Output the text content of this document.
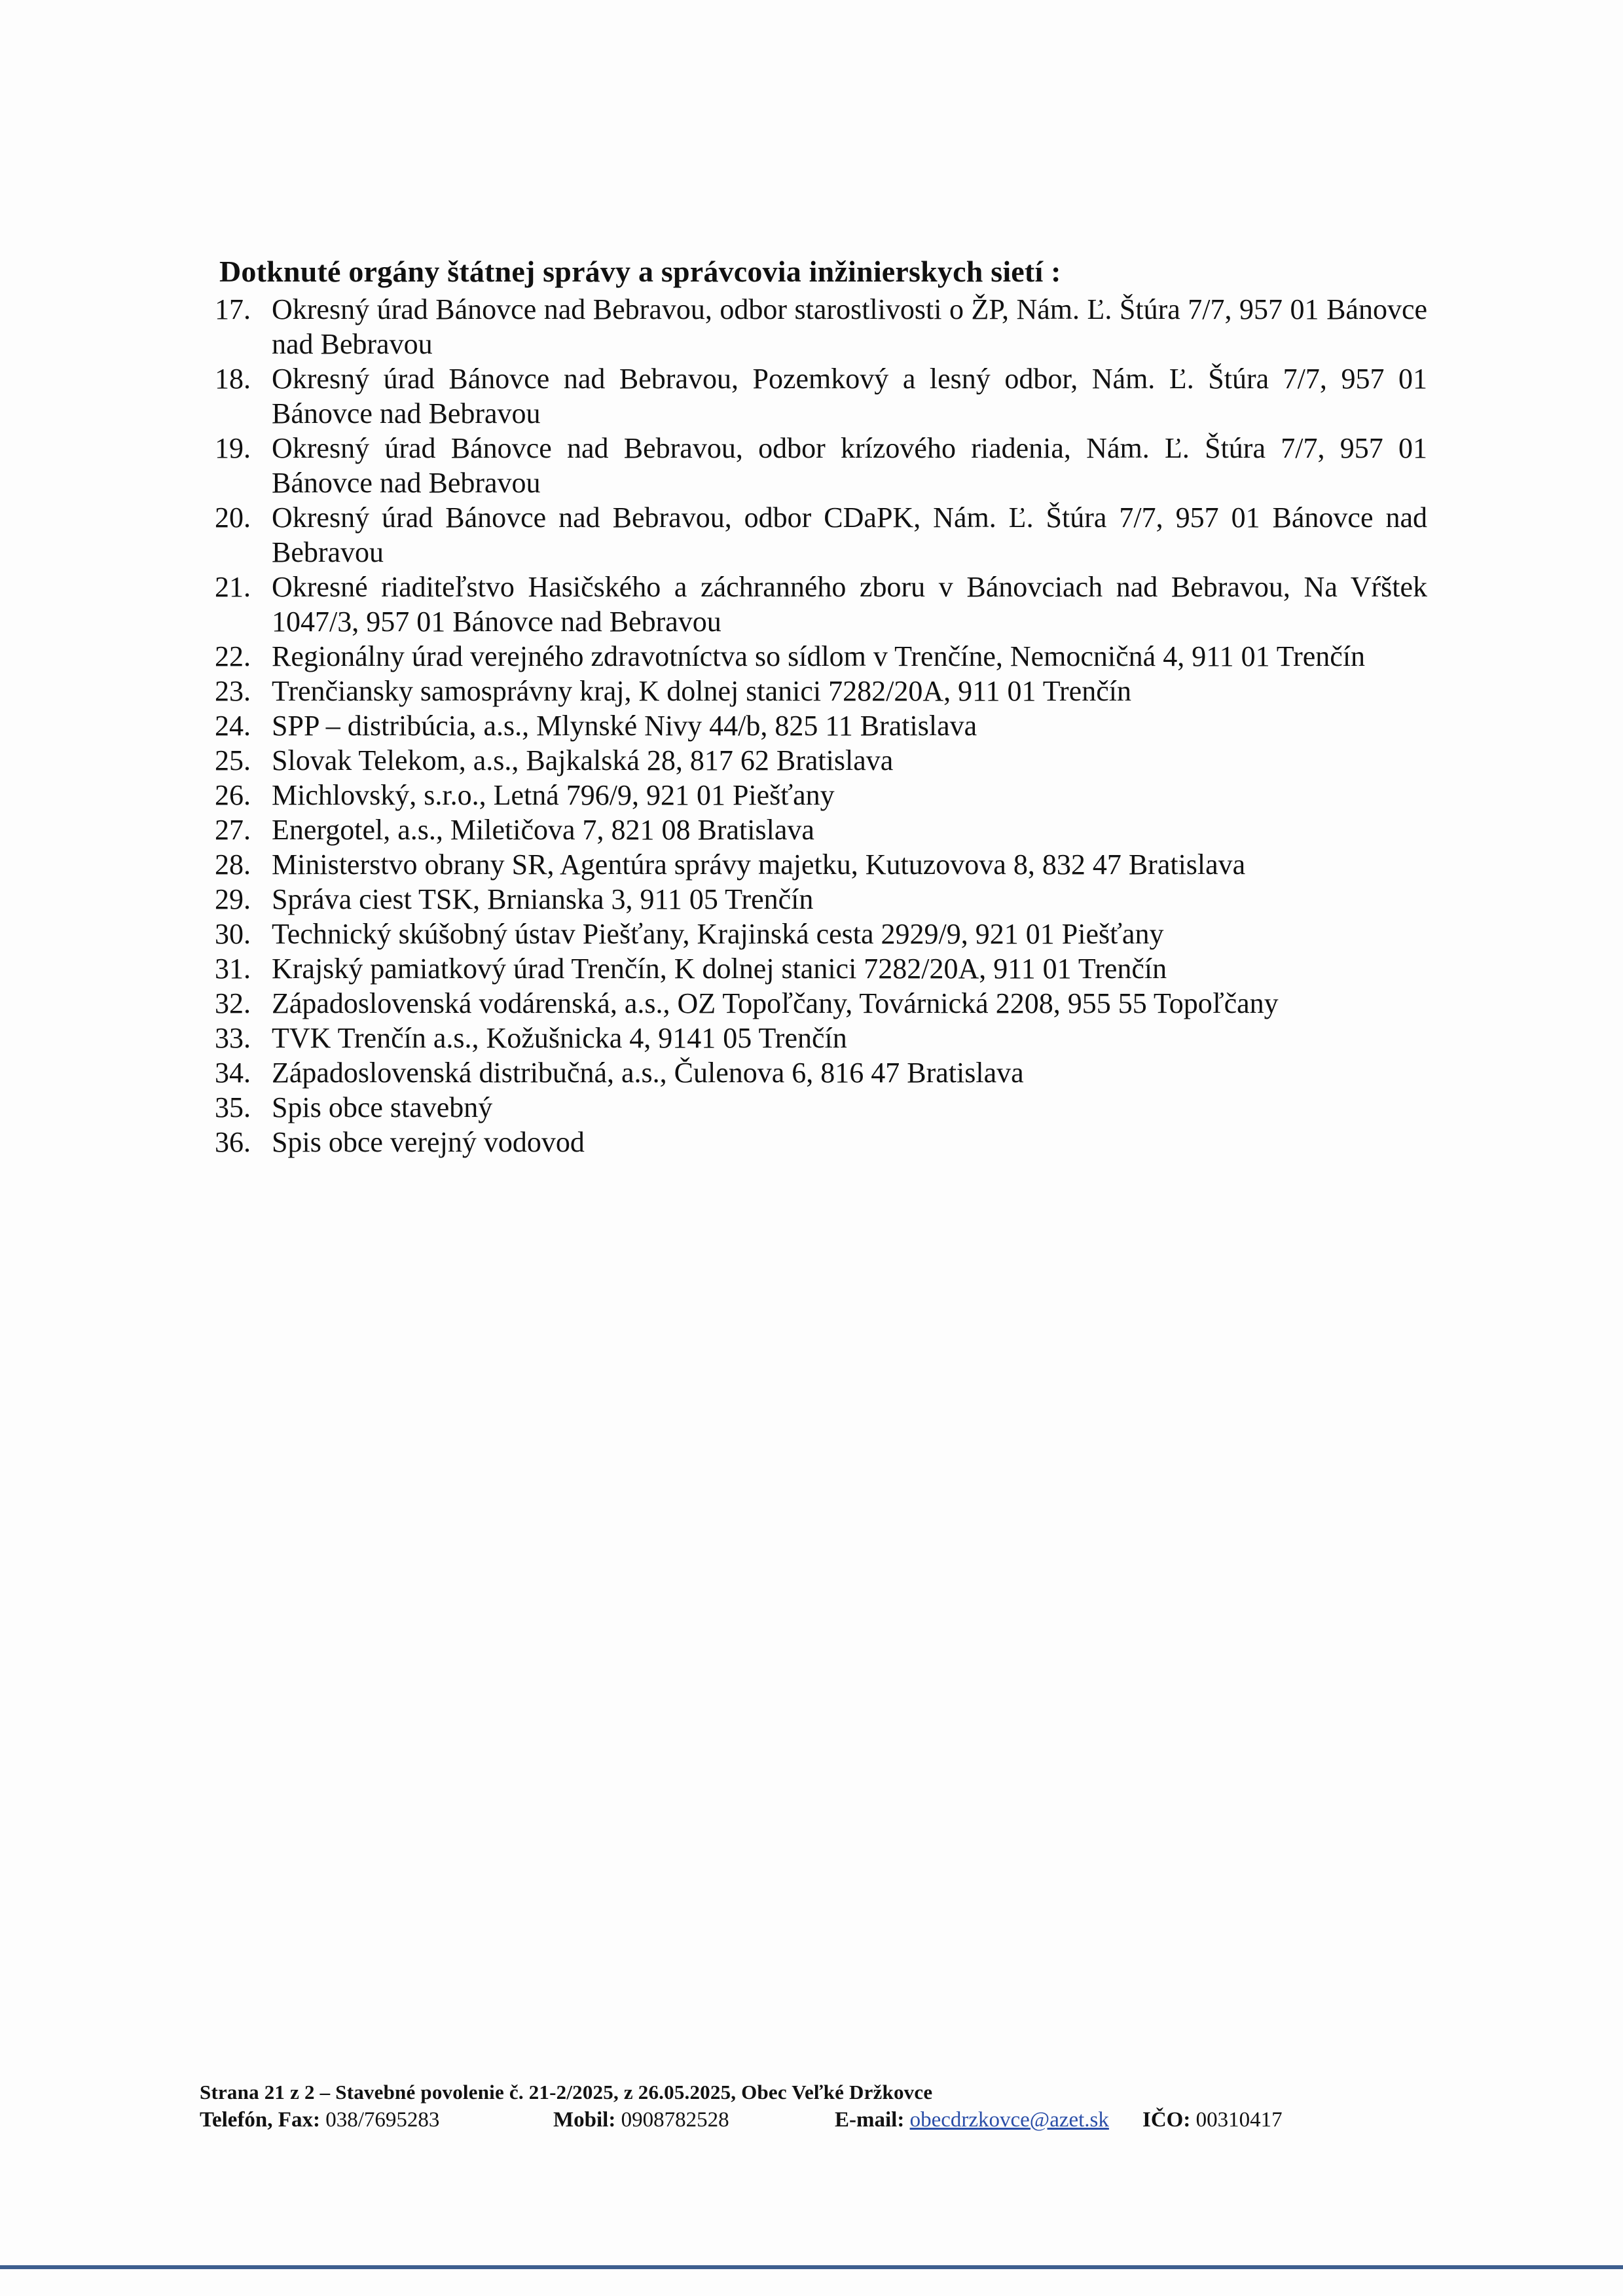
Dotknuté orgány štátnej správy a správcovia inžinierskych sietí :
17. Okresný úrad Bánovce nad Bebravou, odbor starostlivosti o ŽP, Nám. Ľ. Štúra 7/7, 957 01 Bánovce nad Bebravou
18. Okresný úrad Bánovce nad Bebravou, Pozemkový a lesný odbor, Nám. Ľ. Štúra 7/7, 957 01 Bánovce nad Bebravou
19. Okresný úrad Bánovce nad Bebravou, odbor krízového riadenia, Nám. Ľ. Štúra 7/7, 957 01 Bánovce nad Bebravou
20. Okresný úrad Bánovce nad Bebravou, odbor CDaPK, Nám. Ľ. Štúra 7/7, 957 01 Bánovce nad Bebravou
21. Okresné riaditeľstvo Hasičského a záchranného zboru v Bánovciach nad Bebravou, Na Vŕštek 1047/3, 957 01 Bánovce nad Bebravou
22. Regionálny úrad verejného zdravotníctva so sídlom v Trenčíne, Nemocničná 4, 911 01 Trenčín
23. Trenčiansky samosprávny kraj, K dolnej stanici 7282/20A, 911 01 Trenčín
24. SPP – distribúcia, a.s., Mlynské Nivy 44/b, 825 11 Bratislava
25. Slovak Telekom, a.s., Bajkalská 28, 817 62 Bratislava
26. Michlovský, s.r.o., Letná 796/9, 921 01 Piešťany
27. Energotel, a.s., Miletičova 7, 821 08 Bratislava
28. Ministerstvo obrany SR, Agentúra správy majetku, Kutuzovova 8, 832 47 Bratislava
29. Správa ciest TSK, Brnianska 3, 911 05 Trenčín
30. Technický skúšobný ústav Piešťany, Krajinská cesta 2929/9, 921 01 Piešťany
31. Krajský pamiatkový úrad Trenčín, K dolnej stanici 7282/20A, 911 01 Trenčín
32. Západoslovenská vodárenská, a.s., OZ Topoľčany, Továrnická 2208, 955 55 Topoľčany
33. TVK Trenčín a.s., Kožušnicka 4, 9141 05 Trenčín
34. Západoslovenská distribučná, a.s., Čulenova 6, 816 47 Bratislava
35. Spis obce stavebný
36. Spis obce verejný vodovod
Strana 21 z 2 – Stavebné povolenie č. 21-2/2025, z 26.05.2025, Obec Veľké Držkovce
Telefón, Fax: 038/7695283	Mobil: 0908782528	E-mail: obecdrzkovce@azet.sk	IČO: 00310417
